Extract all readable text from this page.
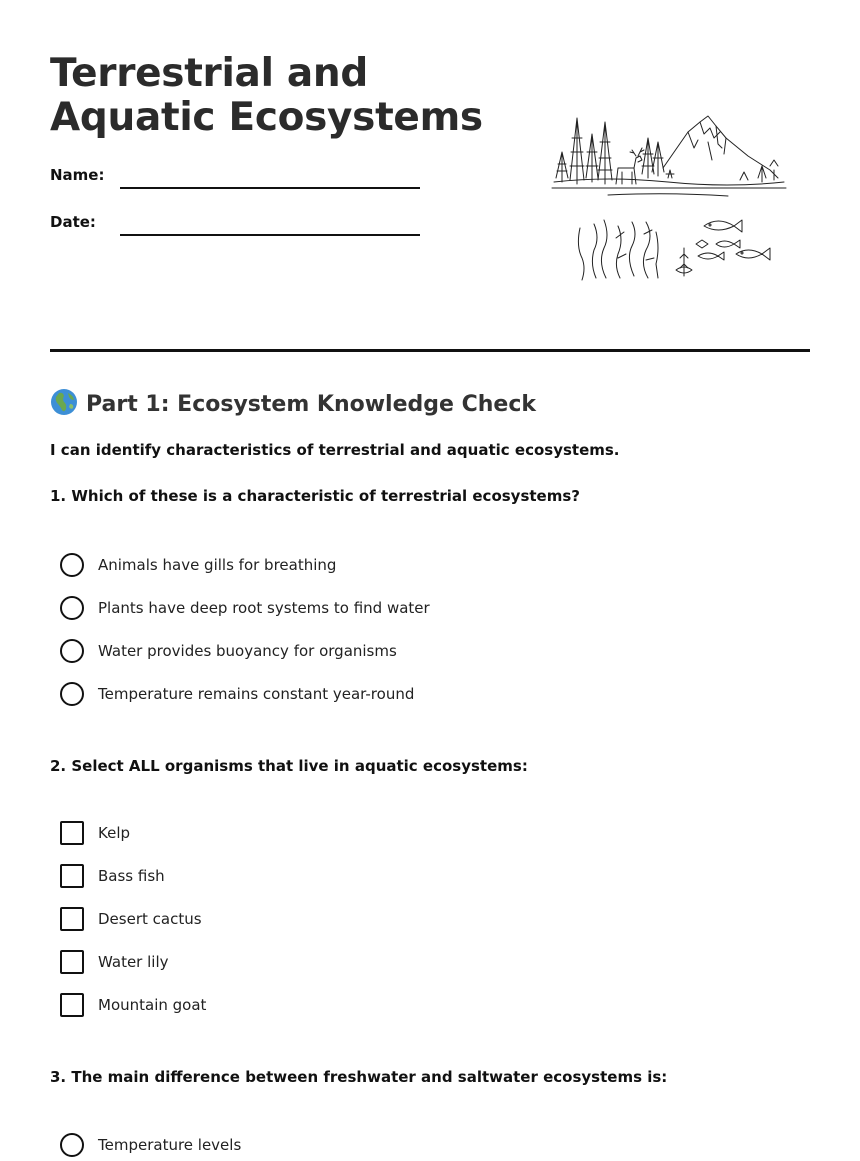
Terrestrial and Aquatic Ecosystems
Name:
Date:
Part 1: Ecosystem Knowledge Check
I can identify characteristics of terrestrial and aquatic ecosystems.
1. Which of these is a characteristic of terrestrial ecosystems?
Animals have gills for breathing
Plants have deep root systems to find water
Water provides buoyancy for organisms
Temperature remains constant year-round
2. Select ALL organisms that live in aquatic ecosystems:
Kelp
Bass fish
Desert cactus
Water lily
Mountain goat
3. The main difference between freshwater and saltwater ecosystems is:
Temperature levels
